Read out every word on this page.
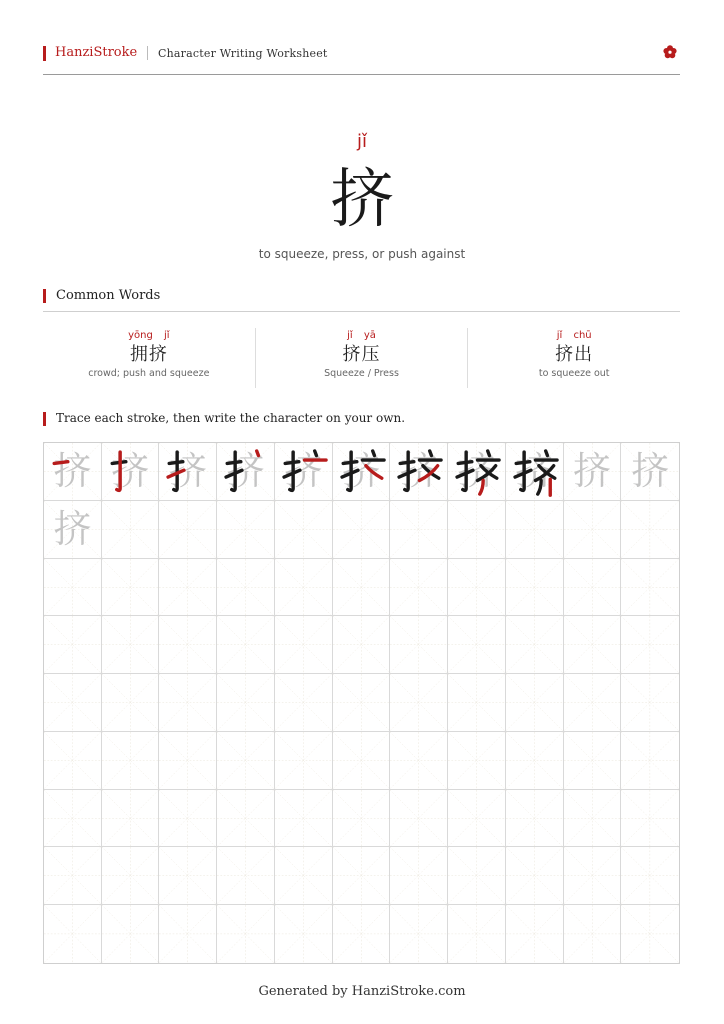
HanziStroke Character Writing Worksheet
jǐ
挤
to squeeze, press, or push against
Common Words
yōng jǐ
拥挤
crowd; push and squeeze
jǐ yā
挤压
Squeeze / Press
jǐ chū
挤出
to squeeze out
Trace each stroke, then write the character on your own.
挤 挤 挤 挤 挤 挤 挤 挤 挤 挤 挤
挤
Generated by HanziStroke.com
